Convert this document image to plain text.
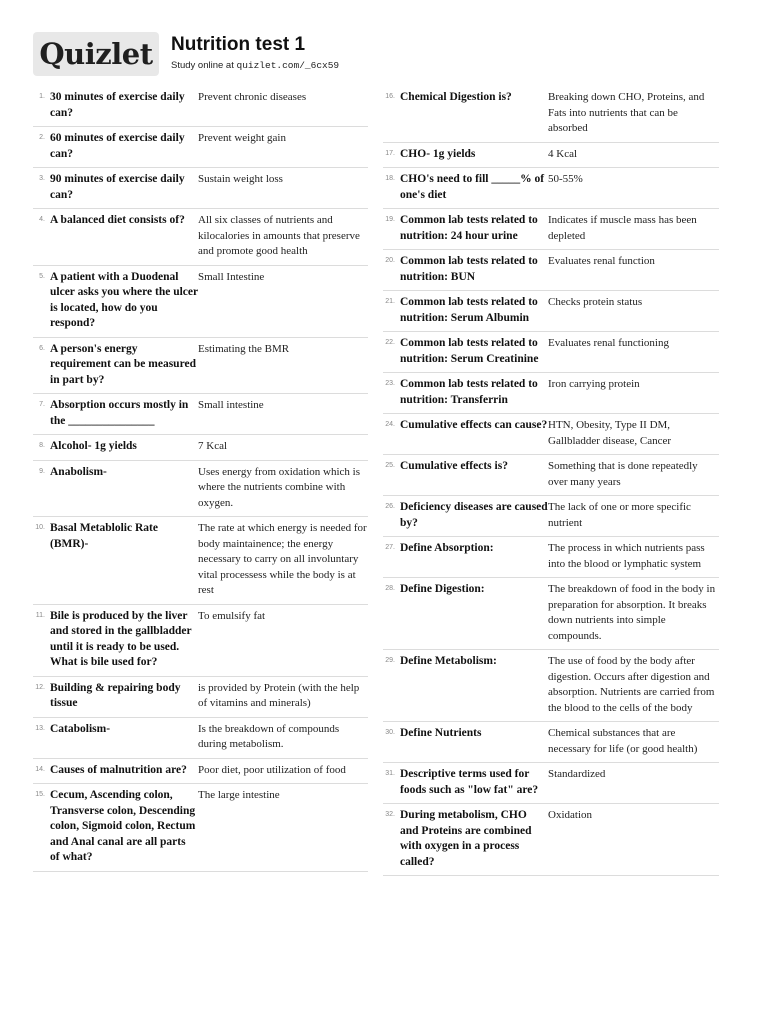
Quizlet Nutrition test 1
Study online at quizlet.com/_6cx59
1. 30 minutes of exercise daily can?
Prevent chronic diseases
2. 60 minutes of exercise daily can?
Prevent weight gain
3. 90 minutes of exercise daily can?
Sustain weight loss
4. A balanced diet consists of?	All six classes of nutrients and kilocalories in amounts that preserve and promote good health
5. A patient with a Duodenal ulcer asks you where the ulcer is located, how do you respond?
Small Intestine
6. A person's energy requirement can be measured in part by?
Estimating the BMR
7. Absorption occurs mostly in the _______________
Small intestine
8. Alcohol- 1g yields	7 Kcal
9. Anabolism-	Uses energy from oxidation which is where the nutrients combine with oxygen.
10. Basal Metablolic Rate (BMR)-
The rate at which energy is needed for body maintainence; the energy necessary to carry on all involuntary vital processess while the body is at rest
11. Bile is produced by the liver and stored in the gallbladder until it is ready to be used. What is bile used for?
To emulsify fat
12. Building & repairing body tissue
is provided by Protein (with the help of vitamins and minerals)
13. Catabolism-	Is the breakdown of compounds during metabolism.
14. Causes of malnutrition are?	Poor diet, poor utilization of food
15. Cecum, Ascending colon, Transverse colon, Descending colon, Sigmoid colon, Rectum and Anal canal are all parts of what?
The large intestine
16. Chemical Digestion is?	Breaking down CHO, Proteins, and Fats into nutrients that can be absorbed
17. CHO- 1g yields	4 Kcal
18. CHO's need to fill _____% of one's diet
50-55%
19. Common lab tests related to nutrition: 24 hour urine
Indicates if muscle mass has been depleted
20. Common lab tests related to nutrition: BUN
Evaluates renal function
21. Common lab tests related to nutrition: Serum Albumin
Checks protein status
22. Common lab tests related to nutrition: Serum Creatinine
Evaluates renal functioning
23. Common lab tests related to nutrition: Transferrin
Iron carrying protein
24. Cumulative effects can cause? HTN, Obesity, Type II DM, Gallbladder disease, Cancer
25. Cumulative effects is?	Something that is done repeatedly over many years
26. Deficiency diseases are caused by?
The lack of one or more specific nutrient
27. Define Absorption:	The process in which nutrients pass into the blood or lymphatic system
28. Define Digestion:	The breakdown of food in the body in preparation for absorption. It breaks down nutrients into simple compounds.
29. Define Metabolism:	The use of food by the body after digestion. Occurs after digestion and absorption. Nutrients are carried from the blood to the cells of the body
30. Define Nutrients	Chemical substances that are necessary for life (or good health)
31. Descriptive terms used for foods such as "low fat" are?
Standardized
32. During metabolism, CHO and Proteins are combined with oxygen in a process called?
Oxidation
